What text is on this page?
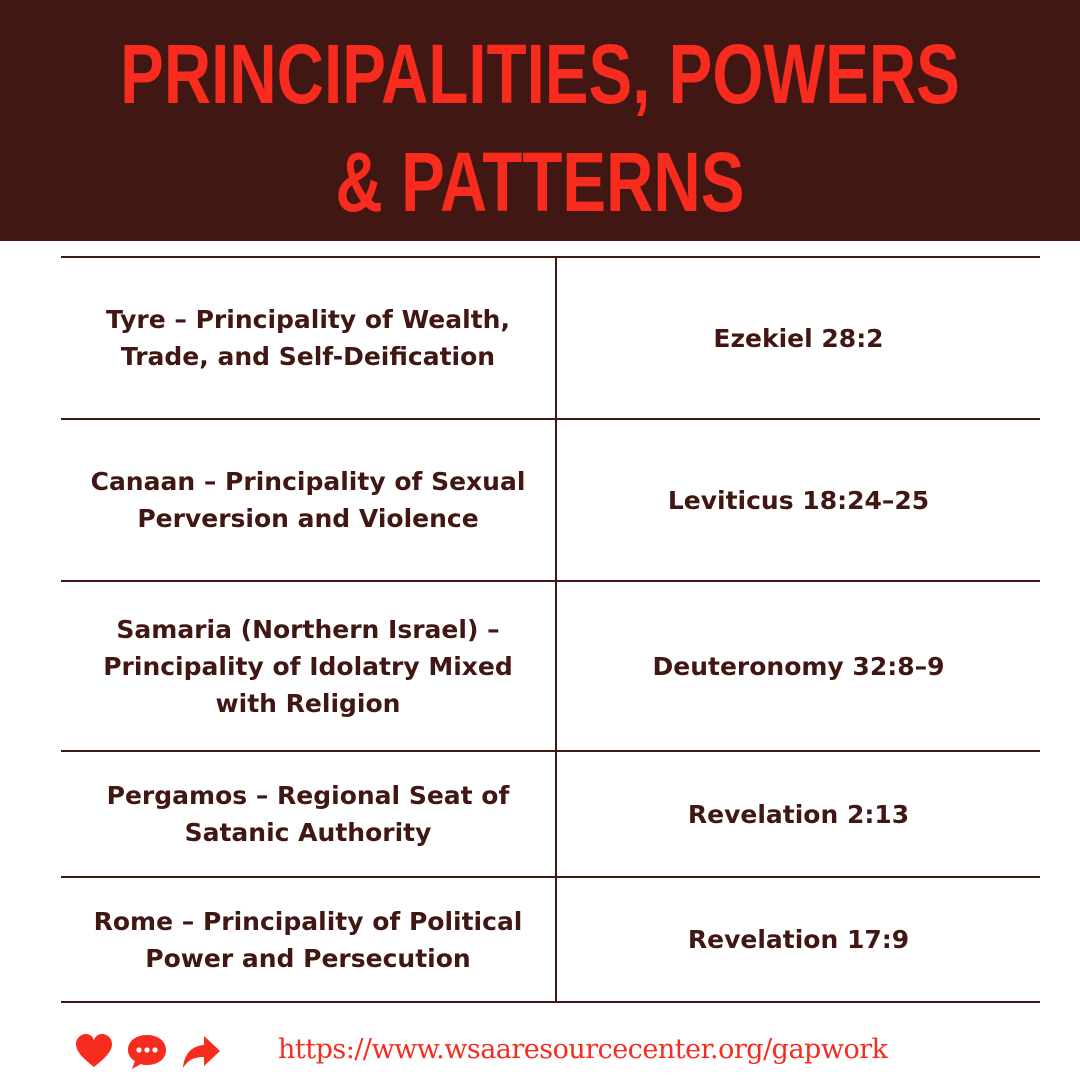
PRINCIPALITIES, POWERS
& PATTERNS
Tyre – Principality of Wealth, Trade, and Self-Deification
Ezekiel 28:2
Canaan – Principality of Sexual Perversion and Violence
Leviticus 18:24–25
Samaria (Northern Israel) – Principality of Idolatry Mixed with Religion
Deuteronomy 32:8–9
Pergamos – Regional Seat of Satanic Authority
Revelation 2:13
Rome – Principality of Political Power and Persecution
Revelation 17:9
https://www.wsaaresourcecenter.org/gapwork
